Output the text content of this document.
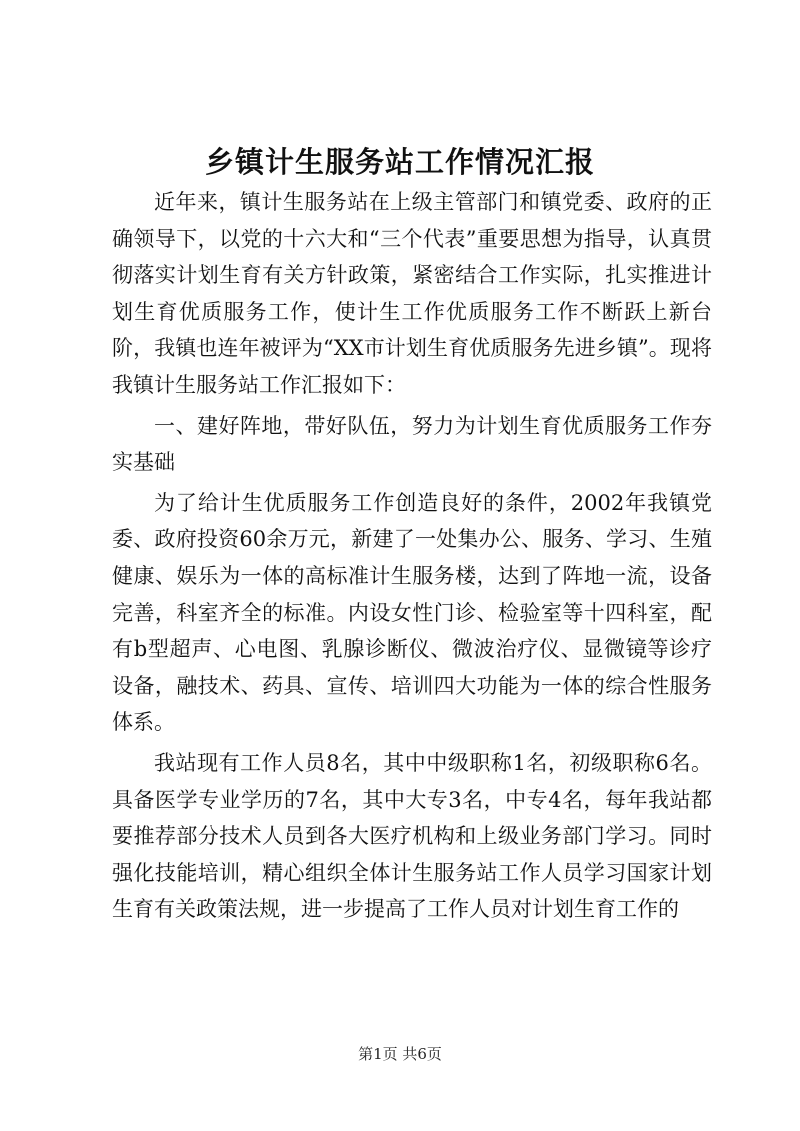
乡镇计生服务站工作情况汇报

近年来，镇计生服务站在上级主管部门和镇党委、政府的正确领导下，以党的十六大和“三个代表”重要思想为指导，认真贯彻落实计划生育有关方针政策，紧密结合工作实际，扎实推进计划生育优质服务工作，使计生工作优质服务工作不断跃上新台阶，我镇也连年被评为“XX市计划生育优质服务先进乡镇”。现将我镇计生服务站工作汇报如下：

一、建好阵地，带好队伍，努力为计划生育优质服务工作夯实基础

为了给计生优质服务工作创造良好的条件，2002年我镇党委、政府投资60余万元，新建了一处集办公、服务、学习、生殖健康、娱乐为一体的高标准计生服务楼，达到了阵地一流，设备完善，科室齐全的标准。内设女性门诊、检验室等十四科室，配有b型超声、心电图、乳腺诊断仪、微波治疗仪、显微镜等诊疗设备，融技术、药具、宣传、培训四大功能为一体的综合性服务体系。

我站现有工作人员8名，其中中级职称1名，初级职称6名。具备医学专业学历的7名，其中大专3名，中专4名，每年我站都要推荐部分技术人员到各大医疗机构和上级业务部门学习。同时强化技能培训，精心组织全体计生服务站工作人员学习国家计划生育有关政策法规，进一步提高了工作人员对计划生育工作的

第1页 共6页
